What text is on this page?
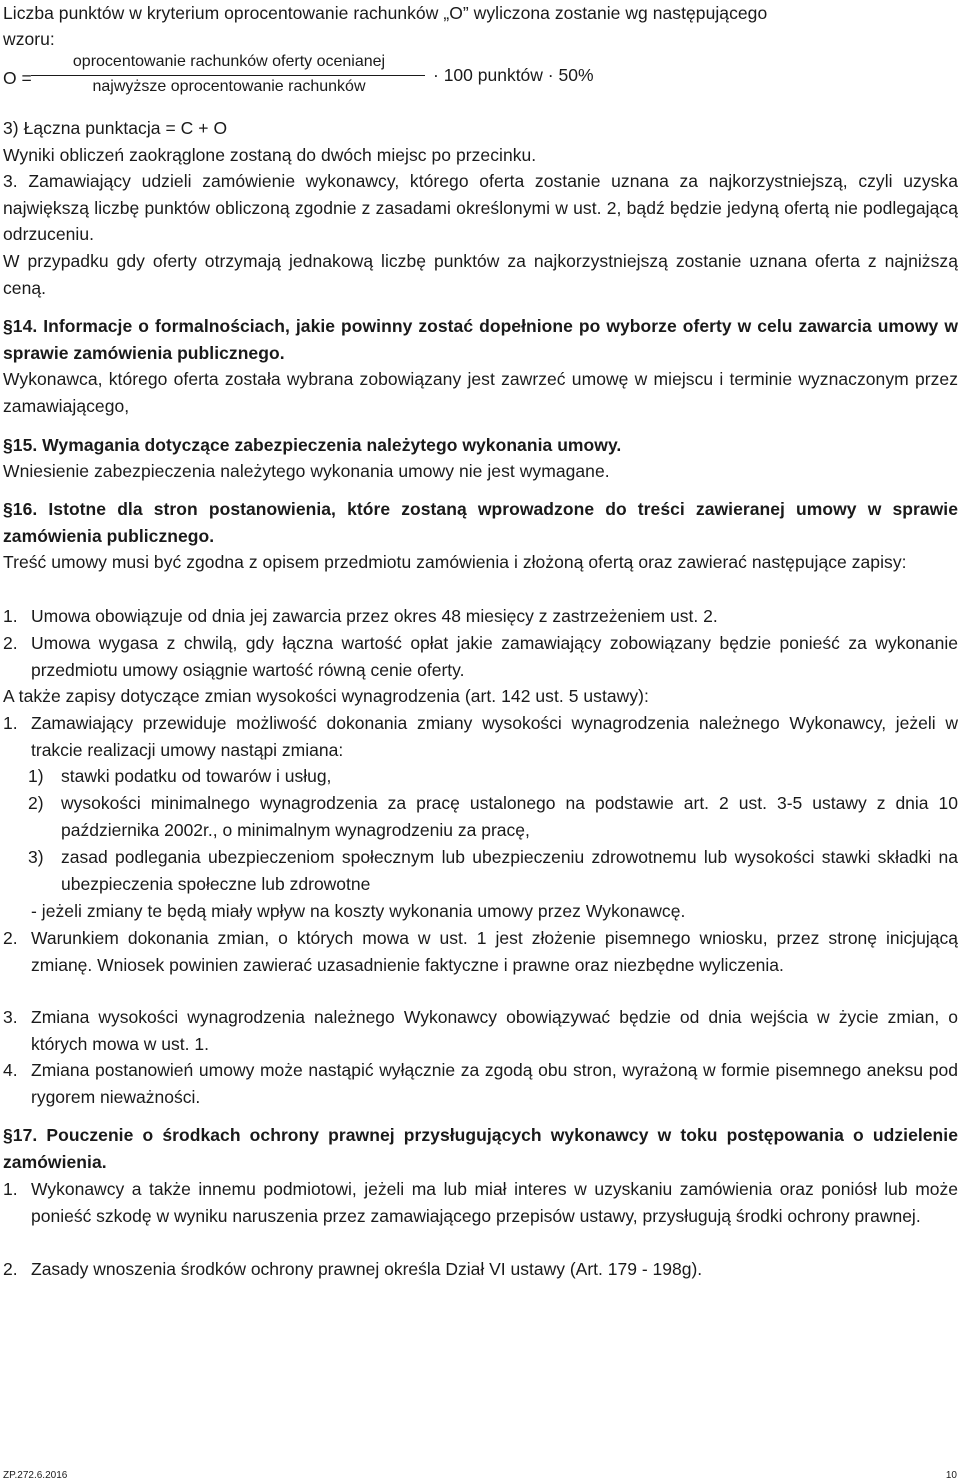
Liczba punktów w kryterium oprocentowanie rachunków „O” wyliczona zostanie wg następującego

wzoru:

O =
oprocentowanie rachunków oferty ocenianej
najwyższe oprocentowanie rachunków
· 100 punktów · 50%

3) Łączna punktacja = C + O

Wyniki obliczeń zaokrąglone zostaną do dwóch miejsc po przecinku.

3. Zamawiający udzieli zamówienie wykonawcy, którego oferta zostanie uznana za najkorzystniejszą, czyli uzyska największą liczbę punktów obliczoną zgodnie z zasadami określonymi w ust. 2, bądź będzie jedyną ofertą nie podlegającą odrzuceniu.

W przypadku gdy oferty otrzymają jednakową liczbę punktów za najkorzystniejszą zostanie uznana oferta z najniższą ceną.

§14. Informacje o formalnościach, jakie powinny zostać dopełnione po wyborze oferty w celu zawarcia umowy w sprawie zamówienia publicznego.

Wykonawca, którego oferta została wybrana zobowiązany jest zawrzeć umowę w miejscu i terminie wyznaczonym przez zamawiającego,

§15. Wymagania dotyczące zabezpieczenia należytego wykonania umowy.

Wniesienie zabezpieczenia należytego wykonania umowy nie jest wymagane.

§16. Istotne dla stron postanowienia, które zostaną wprowadzone do treści zawieranej umowy w sprawie zamówienia publicznego.

Treść umowy musi być zgodna z opisem przedmiotu zamówienia i złożoną ofertą oraz zawierać następujące zapisy:

1. Umowa obowiązuje od dnia jej zawarcia przez okres 48 miesięcy z zastrzeżeniem ust. 2.
2. Umowa wygasa z chwilą, gdy łączna wartość opłat jakie zamawiający zobowiązany będzie ponieść za wykonanie przedmiotu umowy osiągnie wartość równą cenie oferty.

A także zapisy dotyczące zmian wysokości wynagrodzenia (art. 142 ust. 5 ustawy):

1. Zamawiający przewiduje możliwość dokonania zmiany wysokości wynagrodzenia należnego Wykonawcy, jeżeli w trakcie realizacji umowy nastąpi zmiana:
1) stawki podatku od towarów i usług,
2) wysokości minimalnego wynagrodzenia za pracę ustalonego na podstawie art. 2 ust. 3-5 ustawy z dnia 10 października 2002r., o minimalnym wynagrodzeniu za pracę,
3) zasad podlegania ubezpieczeniom społecznym lub ubezpieczeniu zdrowotnemu lub wysokości stawki składki na ubezpieczenia społeczne lub zdrowotne

- jeżeli zmiany te będą miały wpływ na koszty wykonania umowy przez Wykonawcę.

2. Warunkiem dokonania zmian, o których mowa w ust. 1 jest złożenie pisemnego wniosku, przez stronę inicjującą zmianę. Wniosek powinien zawierać uzasadnienie faktyczne i prawne oraz niezbędne wyliczenia.
3. Zmiana wysokości wynagrodzenia należnego Wykonawcy obowiązywać będzie od dnia wejścia w życie zmian, o których mowa w ust. 1.
4. Zmiana postanowień umowy może nastąpić wyłącznie za zgodą obu stron, wyrażoną w formie pisemnego aneksu pod rygorem nieważności.

§17. Pouczenie o środkach ochrony prawnej przysługujących wykonawcy w toku postępowania o udzielenie zamówienia.

1. Wykonawcy a także innemu podmiotowi, jeżeli ma lub miał interes w uzyskaniu zamówienia oraz poniósł lub może ponieść szkodę w wyniku naruszenia przez zamawiającego przepisów ustawy, przysługują środki ochrony prawnej.
2. Zasady wnoszenia środków ochrony prawnej określa Dział VI ustawy (Art. 179 - 198g).
ZP.272.6.2016	10
